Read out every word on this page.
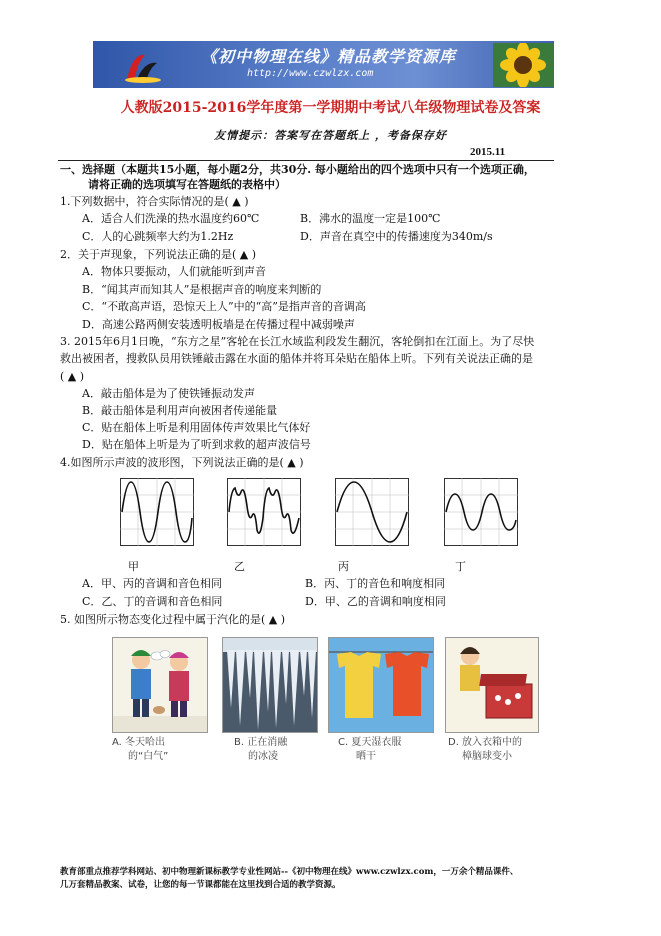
《初中物理在线》精品教学资源库
http://www.czwlzx.com
人教版2015-2016学年度第一学期期中考试八年级物理试卷及答案
友情提示：答案写在答题纸上 ，考备保存好
2015.11
一、选择题（本题共15小题，每小题2分，共30分. 每小题给出的四个选项中只有一个选项正确，
请将正确的选项填写在答题纸的表格中）
1.下列数据中，符合实际情况的是( ▲ )
A．适合人们洗澡的热水温度约60℃	B．沸水的温度一定是100℃
C．人的心跳频率大约为1.2Hz	D．声音在真空中的传播速度为340m/s
2．关于声现象，下列说法正确的是( ▲ )
A．物体只要振动，人们就能听到声音
B．“闻其声而知其人”是根据声音的响度来判断的
C．“不敢高声语，恐惊天上人”中的“高”是指声音的音调高
D．高速公路两侧安装透明板墙是在传播过程中减弱噪声
3. 2015年6月1日晚，“东方之星”客轮在长江水域监利段发生翻沉，客轮倒扣在江面上。为了尽快
救出被困者，搜救队员用铁锤敲击露在水面的船体并将耳朵贴在船体上听。下列有关说法正确的是
( ▲ )
A．敲击船体是为了使铁锤振动发声
B．敲击船体是利用声向被困者传递能量
C．贴在船体上听是利用固体传声效果比气体好
D．贴在船体上听是为了听到求救的超声波信号
4.如图所示声波的波形图，下列说法正确的是( ▲ )
甲	乙	丙	丁
A．甲、丙的音调和音色相同	B．丙、丁的音色和响度相同
C．乙、丁的音调和音色相同	D．甲、乙的音调和响度相同
5. 如图所示物态变化过程中属于汽化的是( ▲ )
A. 冬天哈出
的“白气”
B. 正在消融
的冰凌
C. 夏天湿衣服
晒干
D. 放入衣箱中的
樟脑球变小
教育部重点推荐学科网站、初中物理新课标教学专业性网站--《初中物理在线》www.czwlzx.com，一万余个精品课件、
几万套精品教案、试卷，让您的每一节课都能在这里找到合适的教学资源。
